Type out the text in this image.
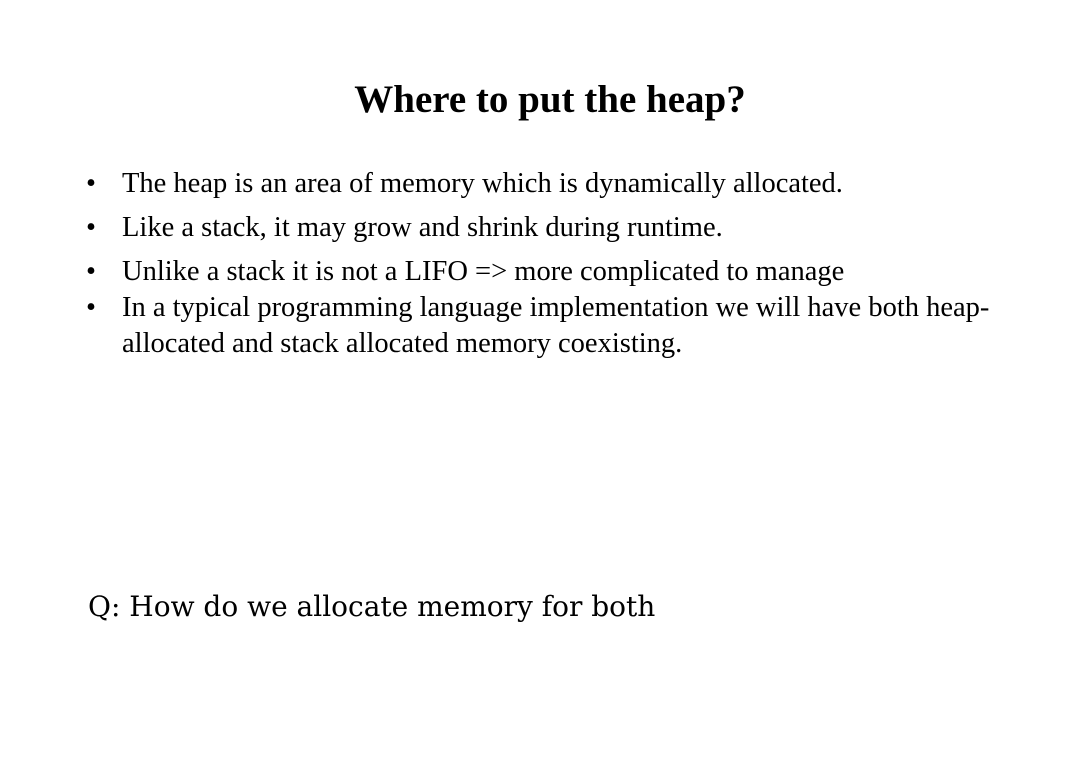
Where to put the heap?
• The heap is an area of memory which is dynamically allocated.
• Like a stack, it may grow and shrink during runtime.
• Unlike a stack it is not a LIFO => more complicated to manage
• In a typical programming language implementation we will have both heap-allocated and stack allocated memory coexisting.

Q: How do we allocate memory for both
